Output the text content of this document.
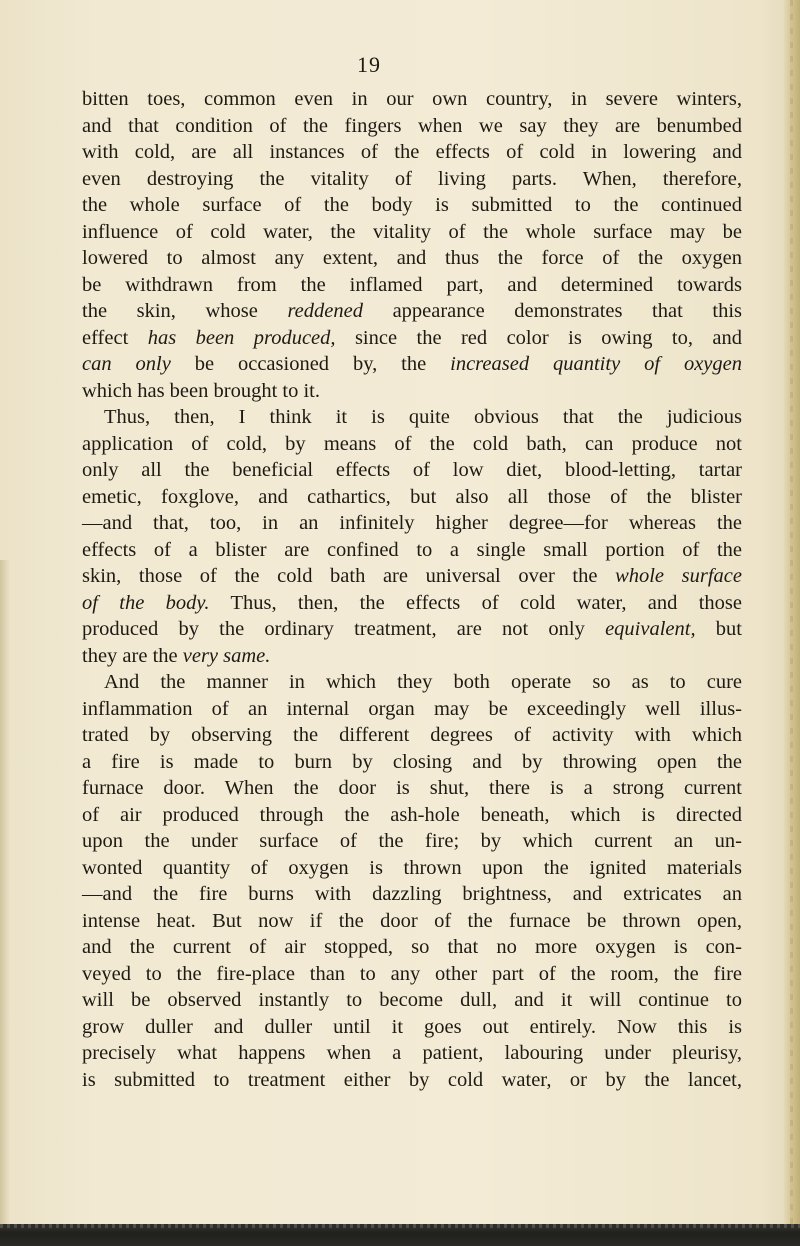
19
bitten toes, common even in our own country, in severe winters,
and that condition of the fingers when we say they are benumbed
with cold, are all instances of the effects of cold in lowering and
even destroying the vitality of living parts. When, therefore,
the whole surface of the body is submitted to the continued
influence of cold water, the vitality of the whole surface may be
lowered to almost any extent, and thus the force of the oxygen
be withdrawn from the inflamed part, and determined towards
the skin, whose reddened appearance demonstrates that this
effect has been produced, since the red color is owing to, and
can only be occasioned by, the increased quantity of oxygen
which has been brought to it.
Thus, then, I think it is quite obvious that the judicious
application of cold, by means of the cold bath, can produce not
only all the beneficial effects of low diet, blood-letting, tartar
emetic, foxglove, and cathartics, but also all those of the blister
—and that, too, in an infinitely higher degree—for whereas the
effects of a blister are confined to a single small portion of the
skin, those of the cold bath are universal over the whole surface
of the body. Thus, then, the effects of cold water, and those
produced by the ordinary treatment, are not only equivalent, but
they are the very same.
And the manner in which they both operate so as to cure
inflammation of an internal organ may be exceedingly well illus-
trated by observing the different degrees of activity with which
a fire is made to burn by closing and by throwing open the
furnace door. When the door is shut, there is a strong current
of air produced through the ash-hole beneath, which is directed
upon the under surface of the fire; by which current an un-
wonted quantity of oxygen is thrown upon the ignited materials
—and the fire burns with dazzling brightness, and extricates an
intense heat. But now if the door of the furnace be thrown open,
and the current of air stopped, so that no more oxygen is con-
veyed to the fire-place than to any other part of the room, the fire
will be observed instantly to become dull, and it will continue to
grow duller and duller until it goes out entirely. Now this is
precisely what happens when a patient, labouring under pleurisy,
is submitted to treatment either by cold water, or by the lancet,
